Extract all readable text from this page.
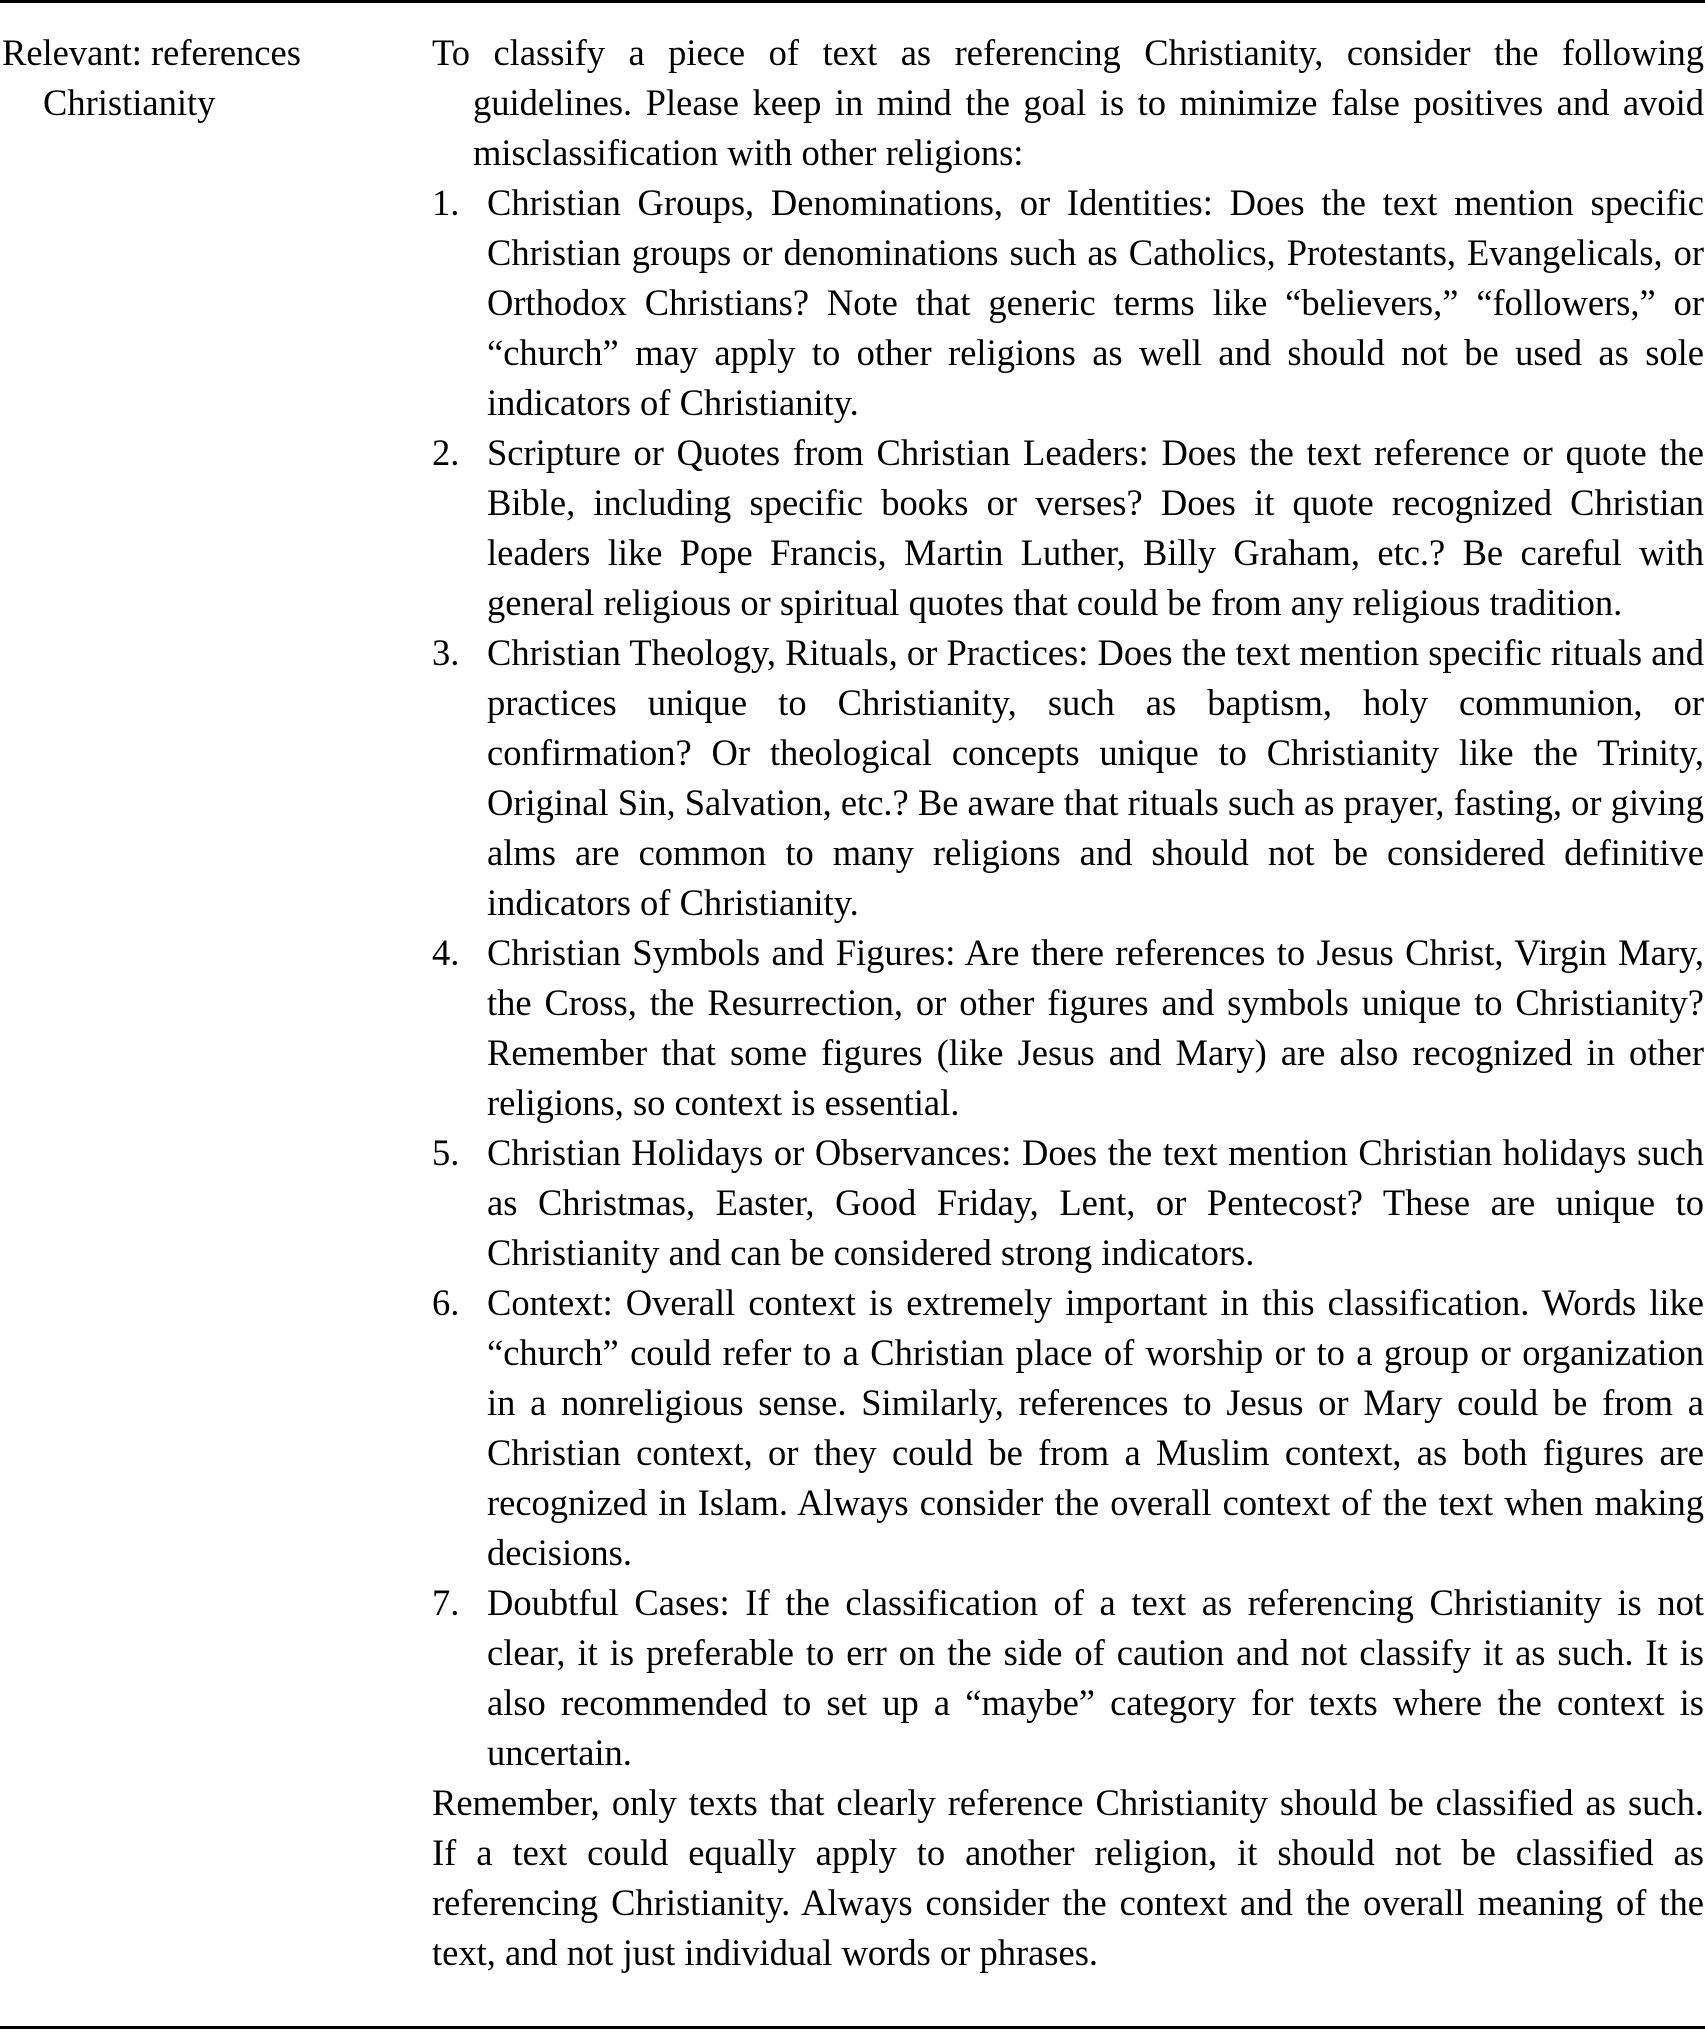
Relevant: references
Christianity

To classify a piece of text as referencing Christianity, consider the following guidelines. Please keep in mind the goal is to minimize false positives and avoid misclassification with other religions:

1. Christian Groups, Denominations, or Identities: Does the text mention specific Christian groups or denominations such as Catholics, Protestants, Evangelicals, or Orthodox Christians? Note that generic terms like “believers,” “followers,” or “church” may apply to other religions as well and should not be used as sole indicators of Christianity.
2. Scripture or Quotes from Christian Leaders: Does the text reference or quote the Bible, including specific books or verses? Does it quote recognized Christian leaders like Pope Francis, Martin Luther, Billy Graham, etc.? Be careful with general religious or spiritual quotes that could be from any religious tradition.
3. Christian Theology, Rituals, or Practices: Does the text mention specific rituals and practices unique to Christianity, such as baptism, holy communion, or confirmation? Or theological concepts unique to Christianity like the Trinity, Original Sin, Salvation, etc.? Be aware that rituals such as prayer, fasting, or giving alms are common to many religions and should not be considered definitive indicators of Christianity.
4. Christian Symbols and Figures: Are there references to Jesus Christ, Virgin Mary, the Cross, the Resurrection, or other figures and symbols unique to Christianity? Remember that some figures (like Jesus and Mary) are also recognized in other religions, so context is essential.
5. Christian Holidays or Observances: Does the text mention Christian holidays such as Christmas, Easter, Good Friday, Lent, or Pentecost? These are unique to Christianity and can be considered strong indicators.
6. Context: Overall context is extremely important in this classification. Words like “church” could refer to a Christian place of worship or to a group or organization in a nonreligious sense. Similarly, references to Jesus or Mary could be from a Christian context, or they could be from a Muslim context, as both figures are recognized in Islam. Always consider the overall context of the text when making decisions.
7. Doubtful Cases: If the classification of a text as referencing Christianity is not clear, it is preferable to err on the side of caution and not classify it as such. It is also recommended to set up a “maybe” category for texts where the context is uncertain.

Remember, only texts that clearly reference Christianity should be classified as such. If a text could equally apply to another religion, it should not be classified as referencing Christianity. Always consider the context and the overall meaning of the text, and not just individual words or phrases.
